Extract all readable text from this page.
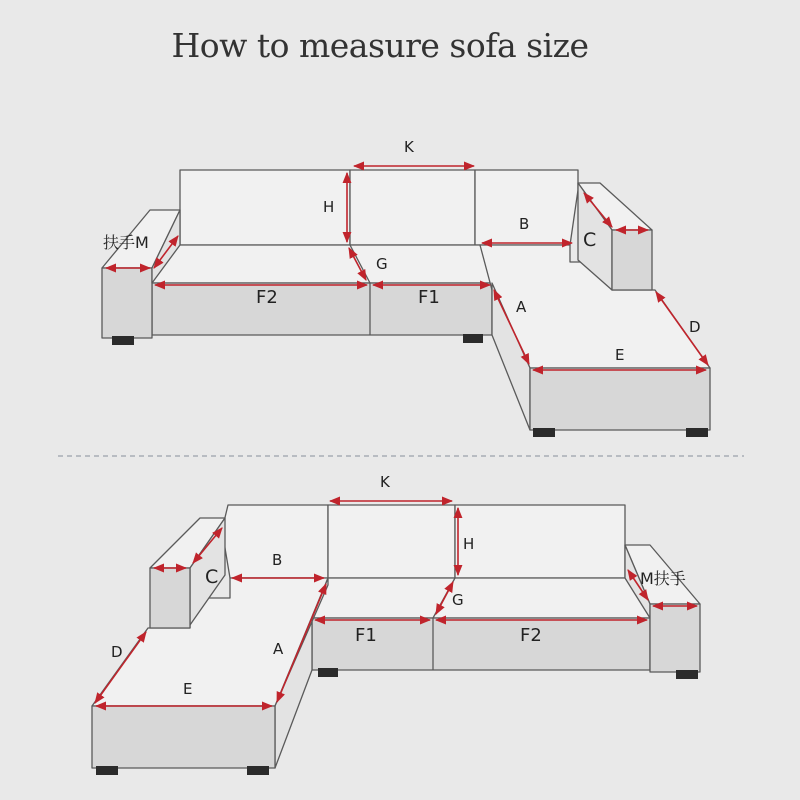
How to measure sofa size
K
H
B
C
G
扶手M
F2	F1	A
D
E
K
H
B
C
G
M扶手
F1	F2
A
D
E
